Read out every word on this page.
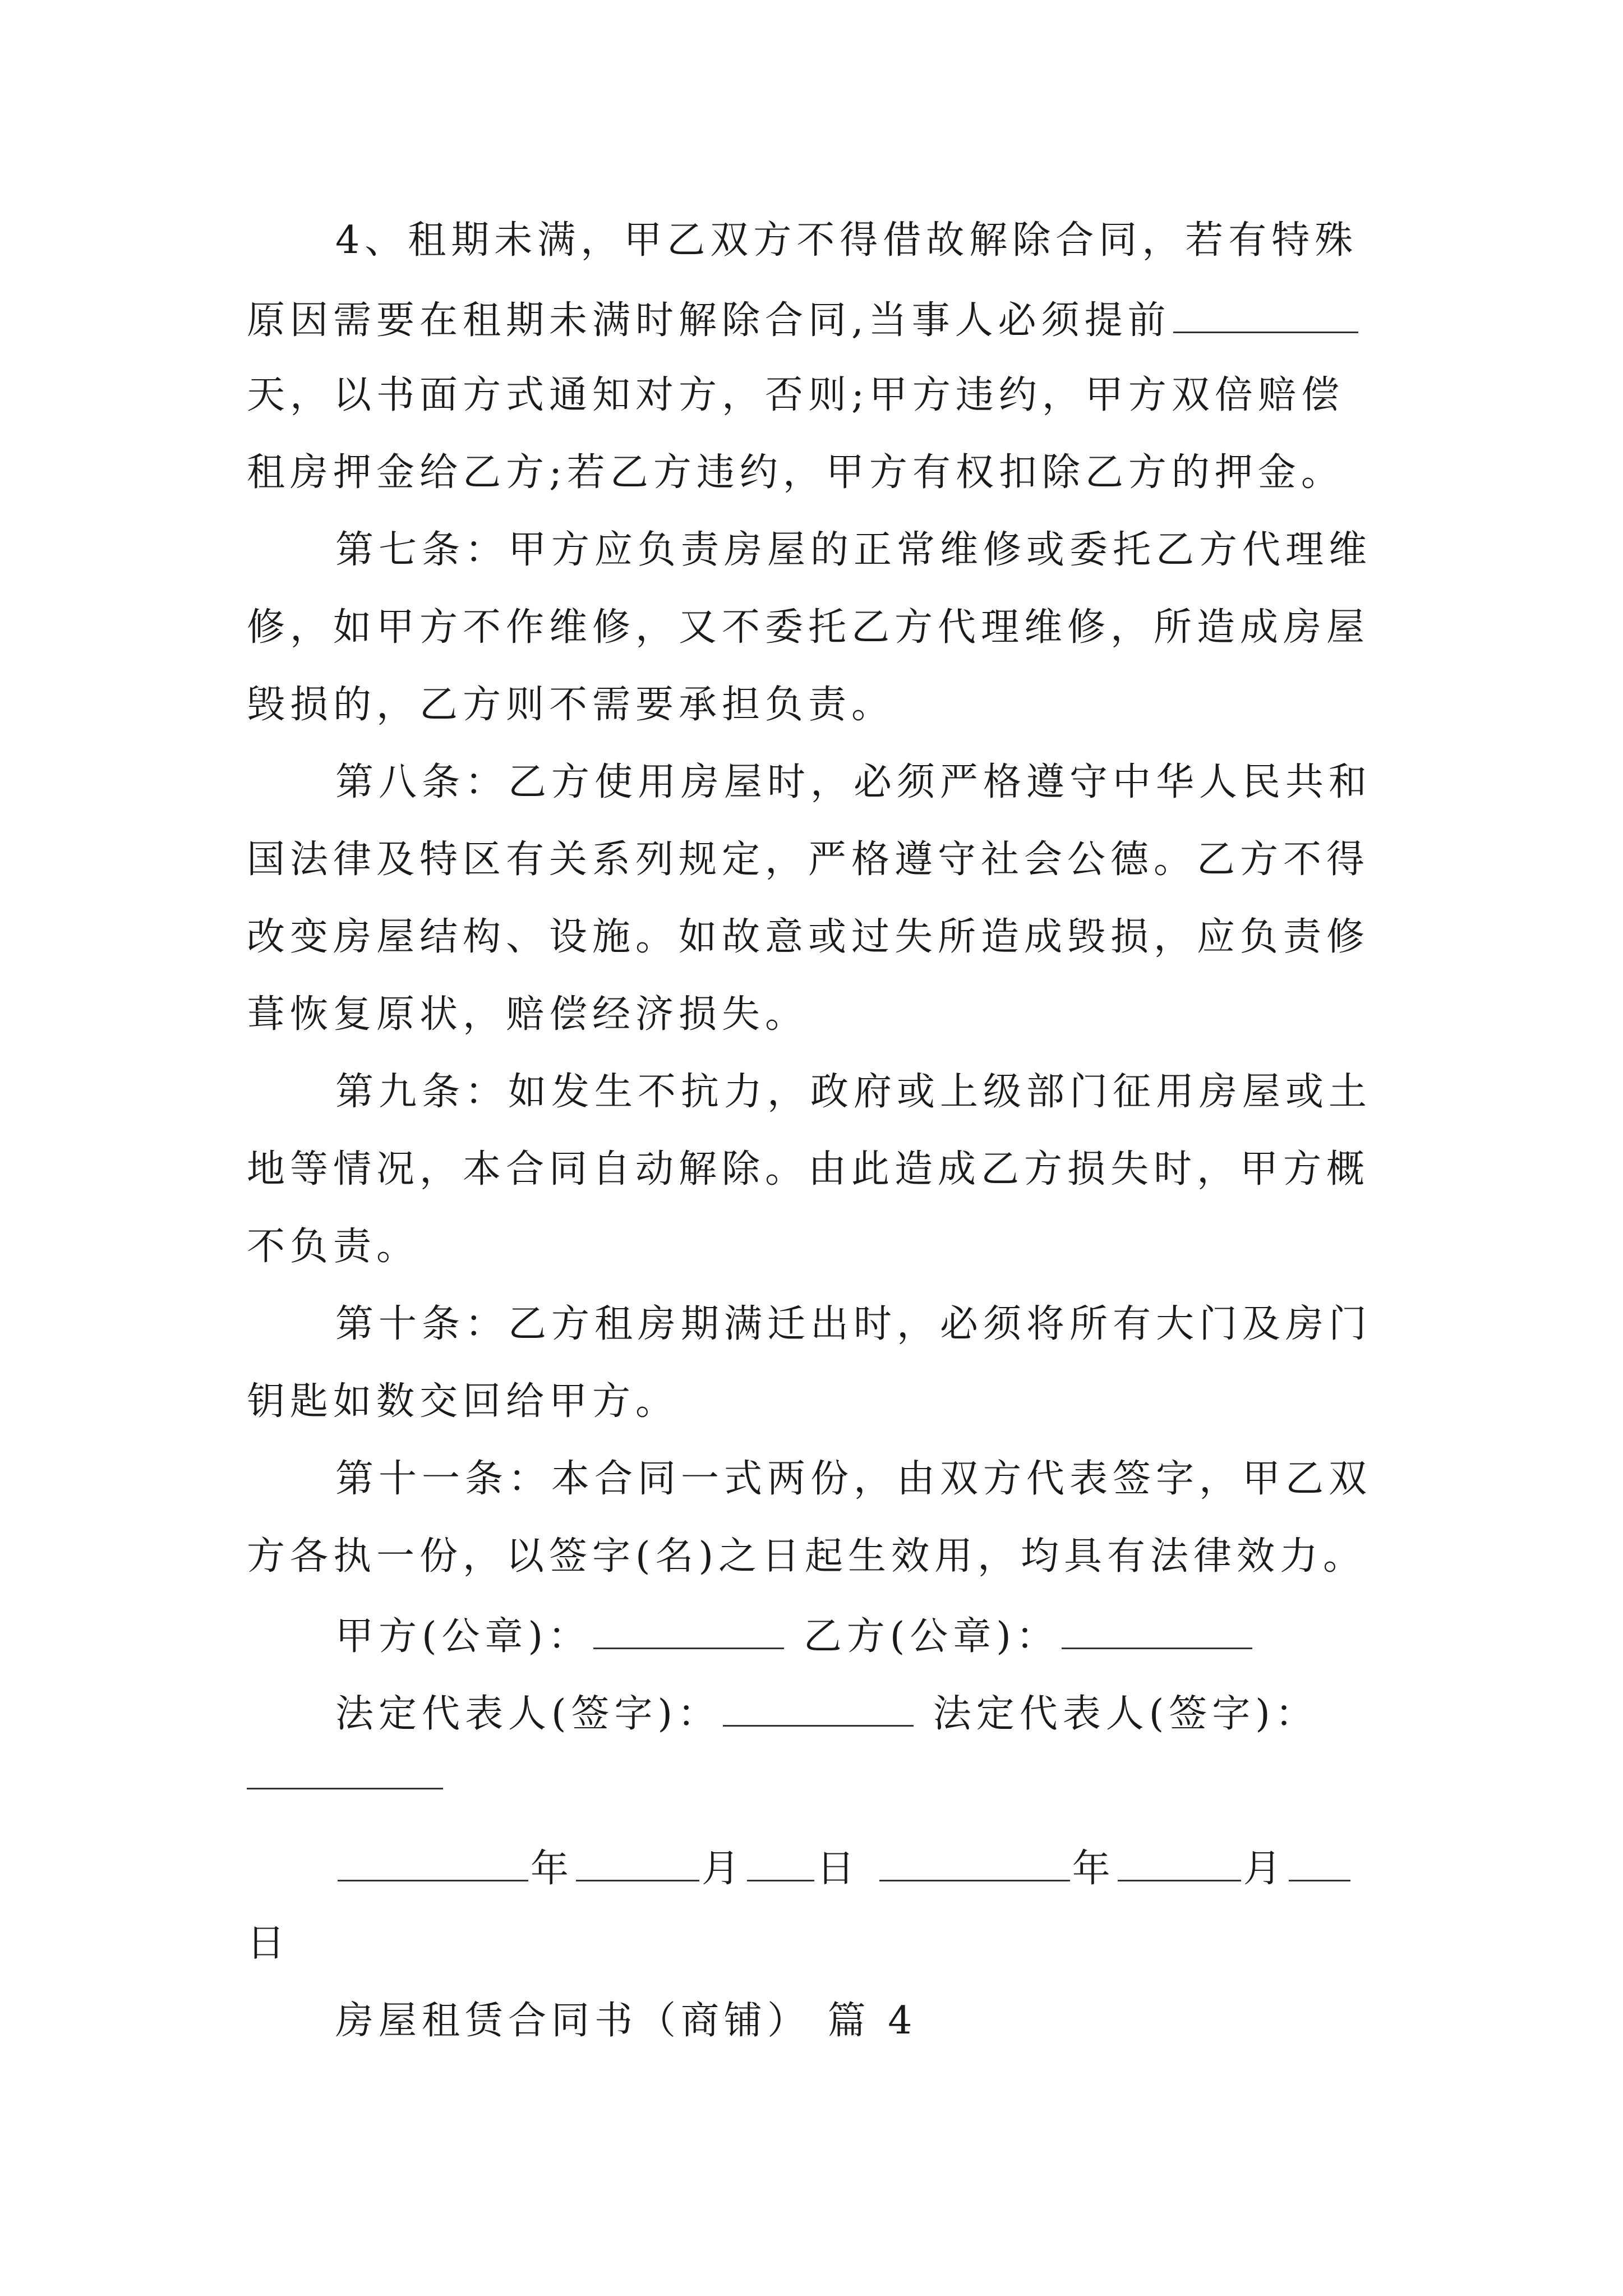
4、租期未满，甲乙双方不得借故解除合同，若有特殊
原因需要在租期未满时解除合同,当事人必须提前
天，以书面方式通知对方，否则;甲方违约，甲方双倍赔偿
租房押金给乙方;若乙方违约，甲方有权扣除乙方的押金。
第七条：甲方应负责房屋的正常维修或委托乙方代理维
修，如甲方不作维修，又不委托乙方代理维修，所造成房屋
毁损的，乙方则不需要承担负责。
第八条：乙方使用房屋时，必须严格遵守中华人民共和
国法律及特区有关系列规定，严格遵守社会公德。乙方不得
改变房屋结构、设施。如故意或过失所造成毁损，应负责修
葺恢复原状，赔偿经济损失。
第九条：如发生不抗力，政府或上级部门征用房屋或土
地等情况，本合同自动解除。由此造成乙方损失时，甲方概
不负责。
第十条：乙方租房期满迁出时，必须将所有大门及房门
钥匙如数交回给甲方。
第十一条：本合同一式两份，由双方代表签字，甲乙双
方各执一份，以签字(名)之日起生效用，均具有法律效力。
甲方(公章)：	乙方(公章)：
法定代表人(签字)：	法定代表人(签字)：
年	月 日	年	月
日
房屋租赁合同书（商铺） 篇 4
